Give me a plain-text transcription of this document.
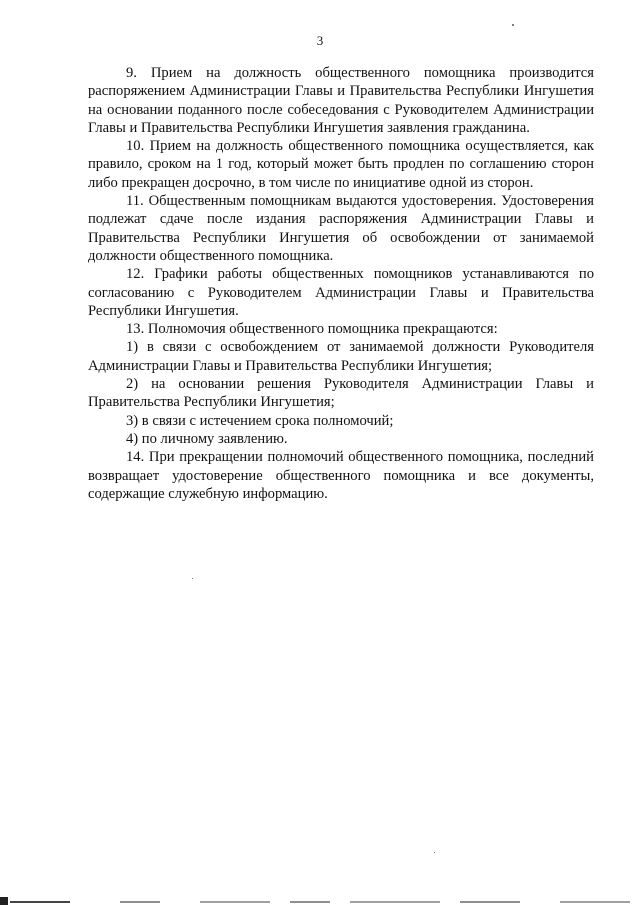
3

9. Прием на должность общественного помощника производится распоряжением Администрации Главы и Правительства Республики Ингушетия на основании поданного после собеседования с Руководителем Администрации Главы и Правительства Республики Ингушетия заявления гражданина.

10. Прием на должность общественного помощника осуществляется, как правило, сроком на 1 год, который может быть продлен по соглашению сторон либо прекращен досрочно, в том числе по инициативе одной из сторон.

11. Общественным помощникам выдаются удостоверения. Удостоверения подлежат сдаче после издания распоряжения Администрации Главы и Правительства Республики Ингушетия об освобождении от занимаемой должности общественного помощника.

12. Графики работы общественных помощников устанавливаются по согласованию с Руководителем Администрации Главы и Правительства Республики Ингушетия.

13. Полномочия общественного помощника прекращаются:

1) в связи с освобождением от занимаемой должности Руководителя Администрации Главы и Правительства Республики Ингушетия;

2) на основании решения Руководителя Администрации Главы и Правительства Республики Ингушетия;

3) в связи с истечением срока полномочий;

4) по личному заявлению.

14. При прекращении полномочий общественного помощника, последний возвращает удостоверение общественного помощника и все документы, содержащие служебную информацию.
